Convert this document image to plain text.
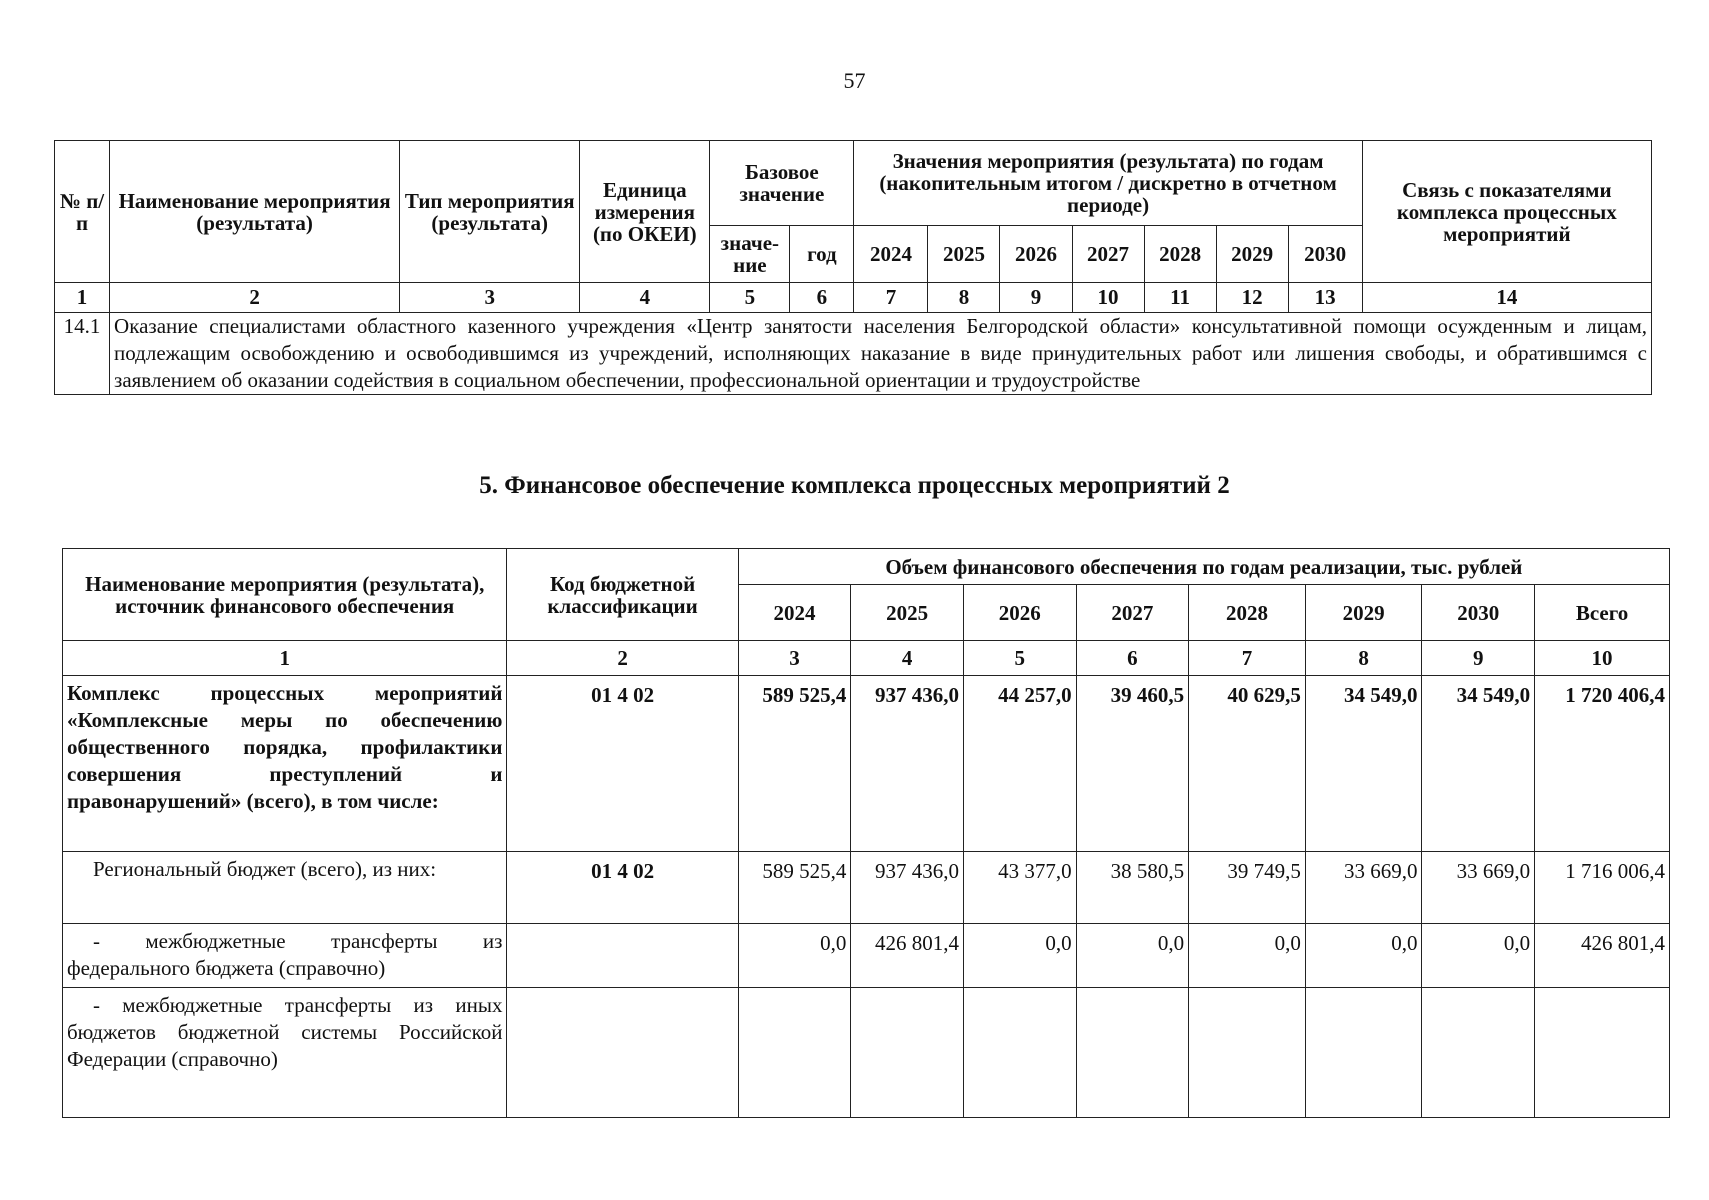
57
№ п/п	Наименование мероприятия (результата)	Тип мероприятия (результата)	Единица измерения (по ОКЕИ)	Базовое значение		Значения мероприятия (результата) по годам (накопительным итогом / дискретно в отчетном периоде)							Связь с показателями комплекса процессных мероприятий
				значе-ние	год	2024	2025	2026	2027	2028	2029	2030	
1	2	3	4	5	6	7	8	9	10	11	12	13	14
14.1	Оказание специалистами областного казенного учреждения «Центр занятости населения Белгородской области» консультативной помощи осужденным и лицам, подлежащим освобождению и освободившимся из учреждений, исполняющих наказание в виде принудительных работ или лишения свободы, и обратившимся с заявлением об оказании содействия в социальном обеспечении, профессиональной ориентации и трудоустройстве												
5. Финансовое обеспечение комплекса процессных мероприятий 2
Наименование мероприятия (результата), источник финансового обеспечения	Код бюджетной классификации	Объем финансового обеспечения по годам реализации, тыс. рублей							
		2024	2025	2026	2027	2028	2029	2030	Всего
1	2	3	4	5	6	7	8	9	10
Комплекс процессных мероприятий «Комплексные меры по обеспечению общественного порядка, профилактики совершения преступлений и правонарушений» (всего), в том числе:	01 4 02	589 525,4	937 436,0	44 257,0	39 460,5	40 629,5	34 549,0	34 549,0	1 720 406,4
Региональный бюджет (всего), из них:	01 4 02	589 525,4	937 436,0	43 377,0	38 580,5	39 749,5	33 669,0	33 669,0	1 716 006,4
- межбюджетные трансферты из федерального бюджета (справочно)		0,0	426 801,4	0,0	0,0	0,0	0,0	0,0	426 801,4
- межбюджетные трансферты из иных бюджетов бюджетной системы Российской Федерации (справочно)									
